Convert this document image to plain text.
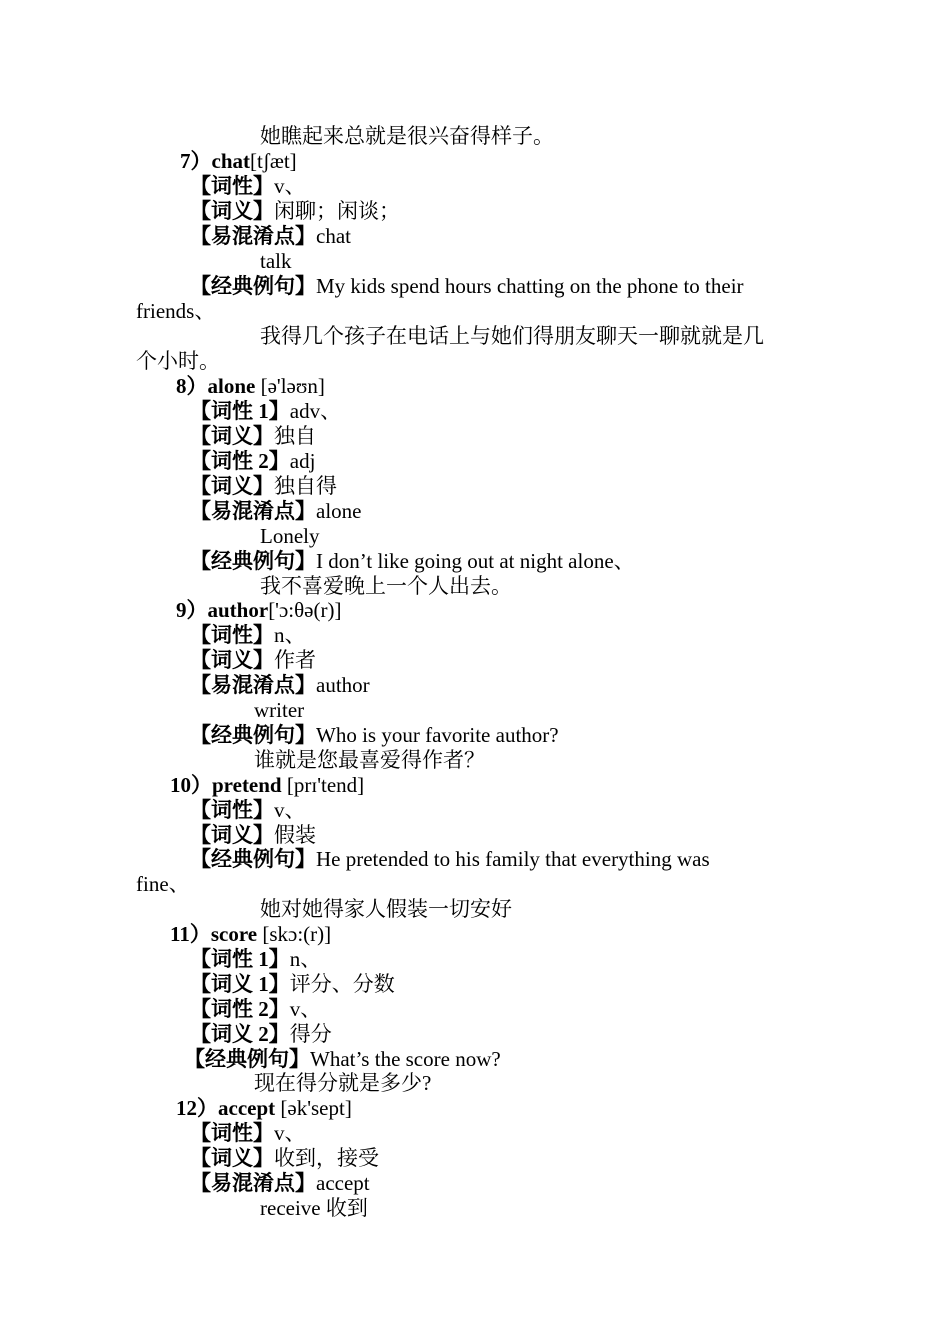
她瞧起来总就是很兴奋得样子。
7）chat[tʃæt]
【词性】v、
【词义】闲聊；闲谈；
【易混淆点】chat
talk
【经典例句】My kids spend hours chatting on the phone to their
friends、
我得几个孩子在电话上与她们得朋友聊天一聊就就是几
个小时。
8）alone [ə'ləʊn]
【词性 1】adv、
【词义】独自
【词性 2】adj
【词义】独自得
【易混淆点】alone
Lonely
【经典例句】I don’t like going out at night alone、
我不喜爱晚上一个人出去。
9）author['ɔ:θə(r)]
【词性】n、
【词义】作者
【易混淆点】author
writer
【经典例句】Who is your favorite author?
谁就是您最喜爱得作者？
10）pretend [prɪ'tend]
【词性】v、
【词义】假装
【经典例句】He pretended to his family that everything was
fine、
她对她得家人假装一切安好
11）score [skɔ:(r)]
【词性 1】n、
【词义 1】评分、分数
【词性 2】v、
【词义 2】得分
【经典例句】What’s the score now?
现在得分就是多少?
12）accept [ək'sept]
【词性】v、
【词义】收到，接受
【易混淆点】accept
receive 收到
